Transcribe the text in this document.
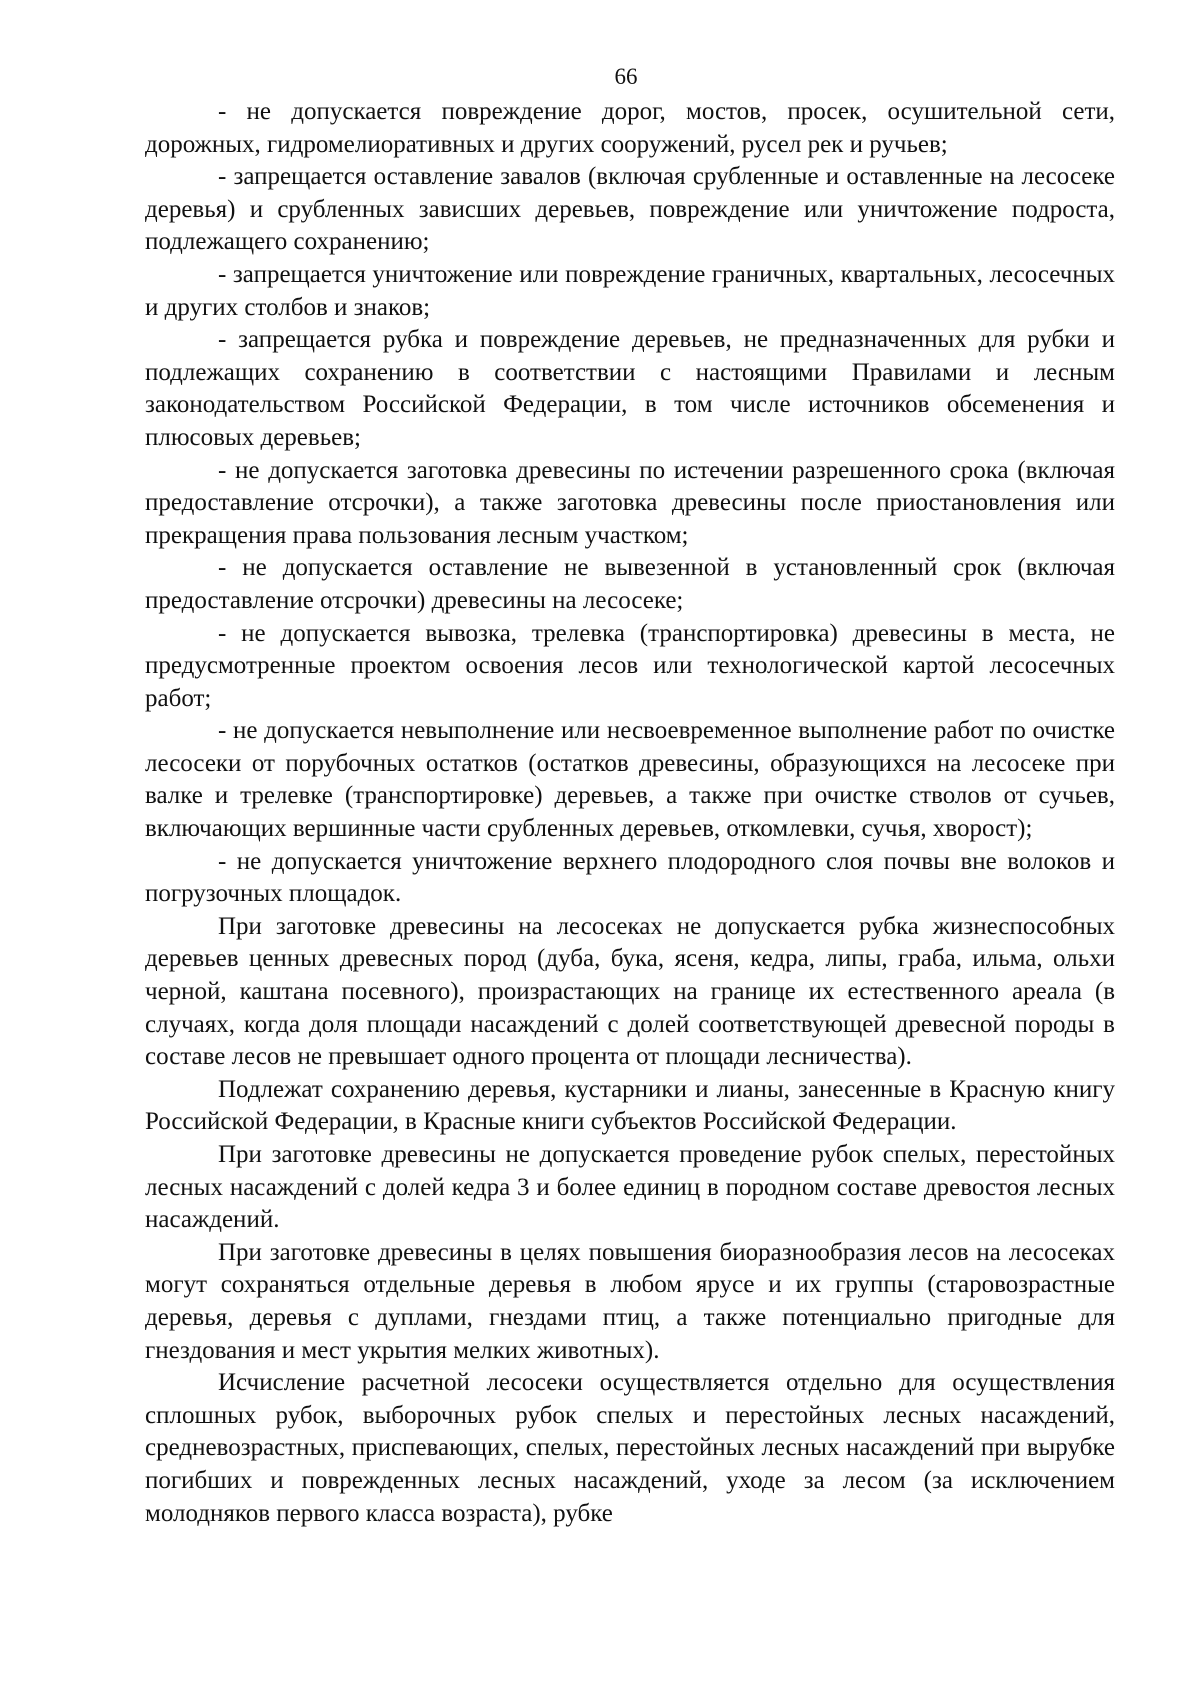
66

- не допускается повреждение дорог, мостов, просек, осушительной сети, дорожных, гидромелиоративных и других сооружений, русел рек и ручьев;

- запрещается оставление завалов (включая срубленные и оставленные на лесосеке деревья) и срубленных зависших деревьев, повреждение или уничтожение подроста, подлежащего сохранению;

- запрещается уничтожение или повреждение граничных, квартальных, лесосечных и других столбов и знаков;

- запрещается рубка и повреждение деревьев, не предназначенных для рубки и подлежащих сохранению в соответствии с настоящими Правилами и лесным законодательством Российской Федерации, в том числе источников обсеменения и плюсовых деревьев;

- не допускается заготовка древесины по истечении разрешенного срока (включая предоставление отсрочки), а также заготовка древесины после приостановления или прекращения права пользования лесным участком;

- не допускается оставление не вывезенной в установленный срок (включая предоставление отсрочки) древесины на лесосеке;

- не допускается вывозка, трелевка (транспортировка) древесины в места, не предусмотренные проектом освоения лесов или технологической картой лесосечных работ;

- не допускается невыполнение или несвоевременное выполнение работ по очистке лесосеки от порубочных остатков (остатков древесины, образующихся на лесосеке при валке и трелевке (транспортировке) деревьев, а также при очистке стволов от сучьев, включающих вершинные части срубленных деревьев, откомлевки, сучья, хворост);

- не допускается уничтожение верхнего плодородного слоя почвы вне волоков и погрузочных площадок.

При заготовке древесины на лесосеках не допускается рубка жизнеспособных деревьев ценных древесных пород (дуба, бука, ясеня, кедра, липы, граба, ильма, ольхи черной, каштана посевного), произрастающих на границе их естественного ареала (в случаях, когда доля площади насаждений с долей соответствующей древесной породы в составе лесов не превышает одного процента от площади лесничества).

Подлежат сохранению деревья, кустарники и лианы, занесенные в Красную книгу Российской Федерации, в Красные книги субъектов Российской Федерации.

При заготовке древесины не допускается проведение рубок спелых, перестойных лесных насаждений с долей кедра 3 и более единиц в породном составе древостоя лесных насаждений.

При заготовке древесины в целях повышения биоразнообразия лесов на лесосеках могут сохраняться отдельные деревья в любом ярусе и их группы (старовозрастные деревья, деревья с дуплами, гнездами птиц, а также потенциально пригодные для гнездования и мест укрытия мелких животных).

Исчисление расчетной лесосеки осуществляется отдельно для осуществления сплошных рубок, выборочных рубок спелых и перестойных лесных насаждений, средневозрастных, приспевающих, спелых, перестойных лесных насаждений при вырубке погибших и поврежденных лесных насаждений, уходе за лесом (за исключением молодняков первого класса возраста), рубке
